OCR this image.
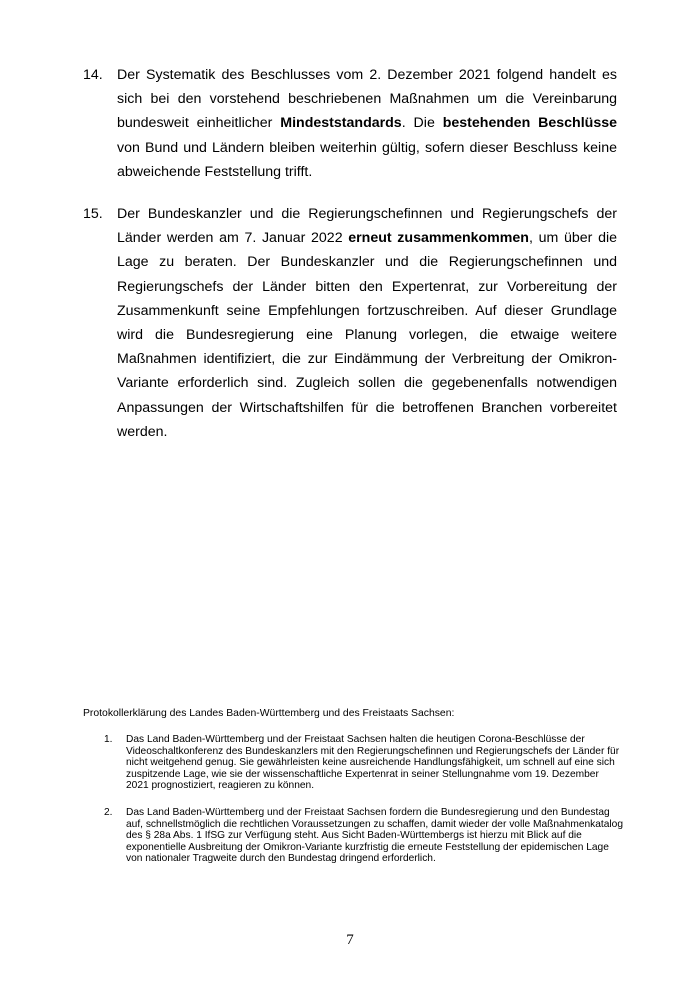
14.	Der Systematik des Beschlusses vom 2. Dezember 2021 folgend handelt es sich bei den vorstehend beschriebenen Maßnahmen um die Vereinbarung bundesweit einheitlicher Mindeststandards. Die bestehenden Beschlüsse von Bund und Ländern bleiben weiterhin gültig, sofern dieser Beschluss keine abweichende Feststellung trifft.
15.	Der Bundeskanzler und die Regierungschefinnen und Regierungschefs der Länder werden am 7. Januar 2022 erneut zusammenkommen, um über die Lage zu beraten. Der Bundeskanzler und die Regierungschefinnen und Regierungschefs der Länder bitten den Expertenrat, zur Vorbereitung der Zusammenkunft seine Empfehlungen fortzuschreiben. Auf dieser Grundlage wird die Bundesregierung eine Planung vorlegen, die etwaige weitere Maßnahmen identifiziert, die zur Eindämmung der Verbreitung der Omikron-Variante erforderlich sind. Zugleich sollen die gegebenenfalls notwendigen Anpassungen der Wirtschaftshilfen für die betroffenen Branchen vorbereitet werden.
Protokollerklärung des Landes Baden-Württemberg und des Freistaats Sachsen:
1.	Das Land Baden-Württemberg und der Freistaat Sachsen halten die heutigen Corona-Beschlüsse der Videoschaltkonferenz des Bundeskanzlers mit den Regierungschefinnen und Regierungschefs der Länder für nicht weitgehend genug. Sie gewährleisten keine ausreichende Handlungsfähigkeit, um schnell auf eine sich zuspitzende Lage, wie sie der wissenschaftliche Expertenrat in seiner Stellungnahme vom 19. Dezember 2021 prognostiziert, reagieren zu können.
2.	Das Land Baden-Württemberg und der Freistaat Sachsen fordern die Bundesregierung und den Bundestag auf, schnellstmöglich die rechtlichen Voraussetzungen zu schaffen, damit wieder der volle Maßnahmenkatalog des § 28a Abs. 1 IfSG zur Verfügung steht. Aus Sicht Baden-Württembergs ist hierzu mit Blick auf die exponentielle Ausbreitung der Omikron-Variante kurzfristig die erneute Feststellung der epidemischen Lage von nationaler Tragweite durch den Bundestag dringend erforderlich.
7
